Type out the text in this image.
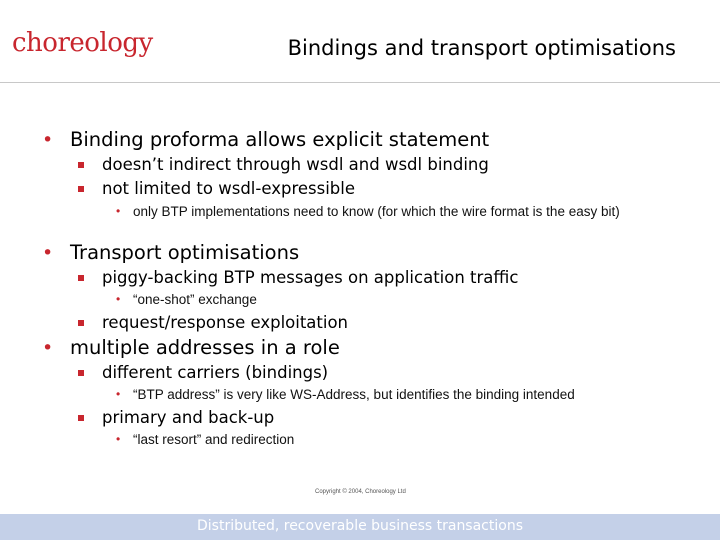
choreology	Bindings and transport optimisations
• Binding proforma allows explicit statement
doesn’t indirect through wsdl and wsdl binding
not limited to wsdl-expressible
• only BTP implementations need to know (for which the wire format is the easy bit)
• Transport optimisations
piggy-backing BTP messages on application traffic
• “one-shot” exchange
request/response exploitation
• multiple addresses in a role
different carriers (bindings)
• “BTP address” is very like WS-Address, but identifies the binding intended
primary and back-up
• “last resort” and redirection
Copyright © 2004, Choreology Ltd
Distributed, recoverable business transactions
